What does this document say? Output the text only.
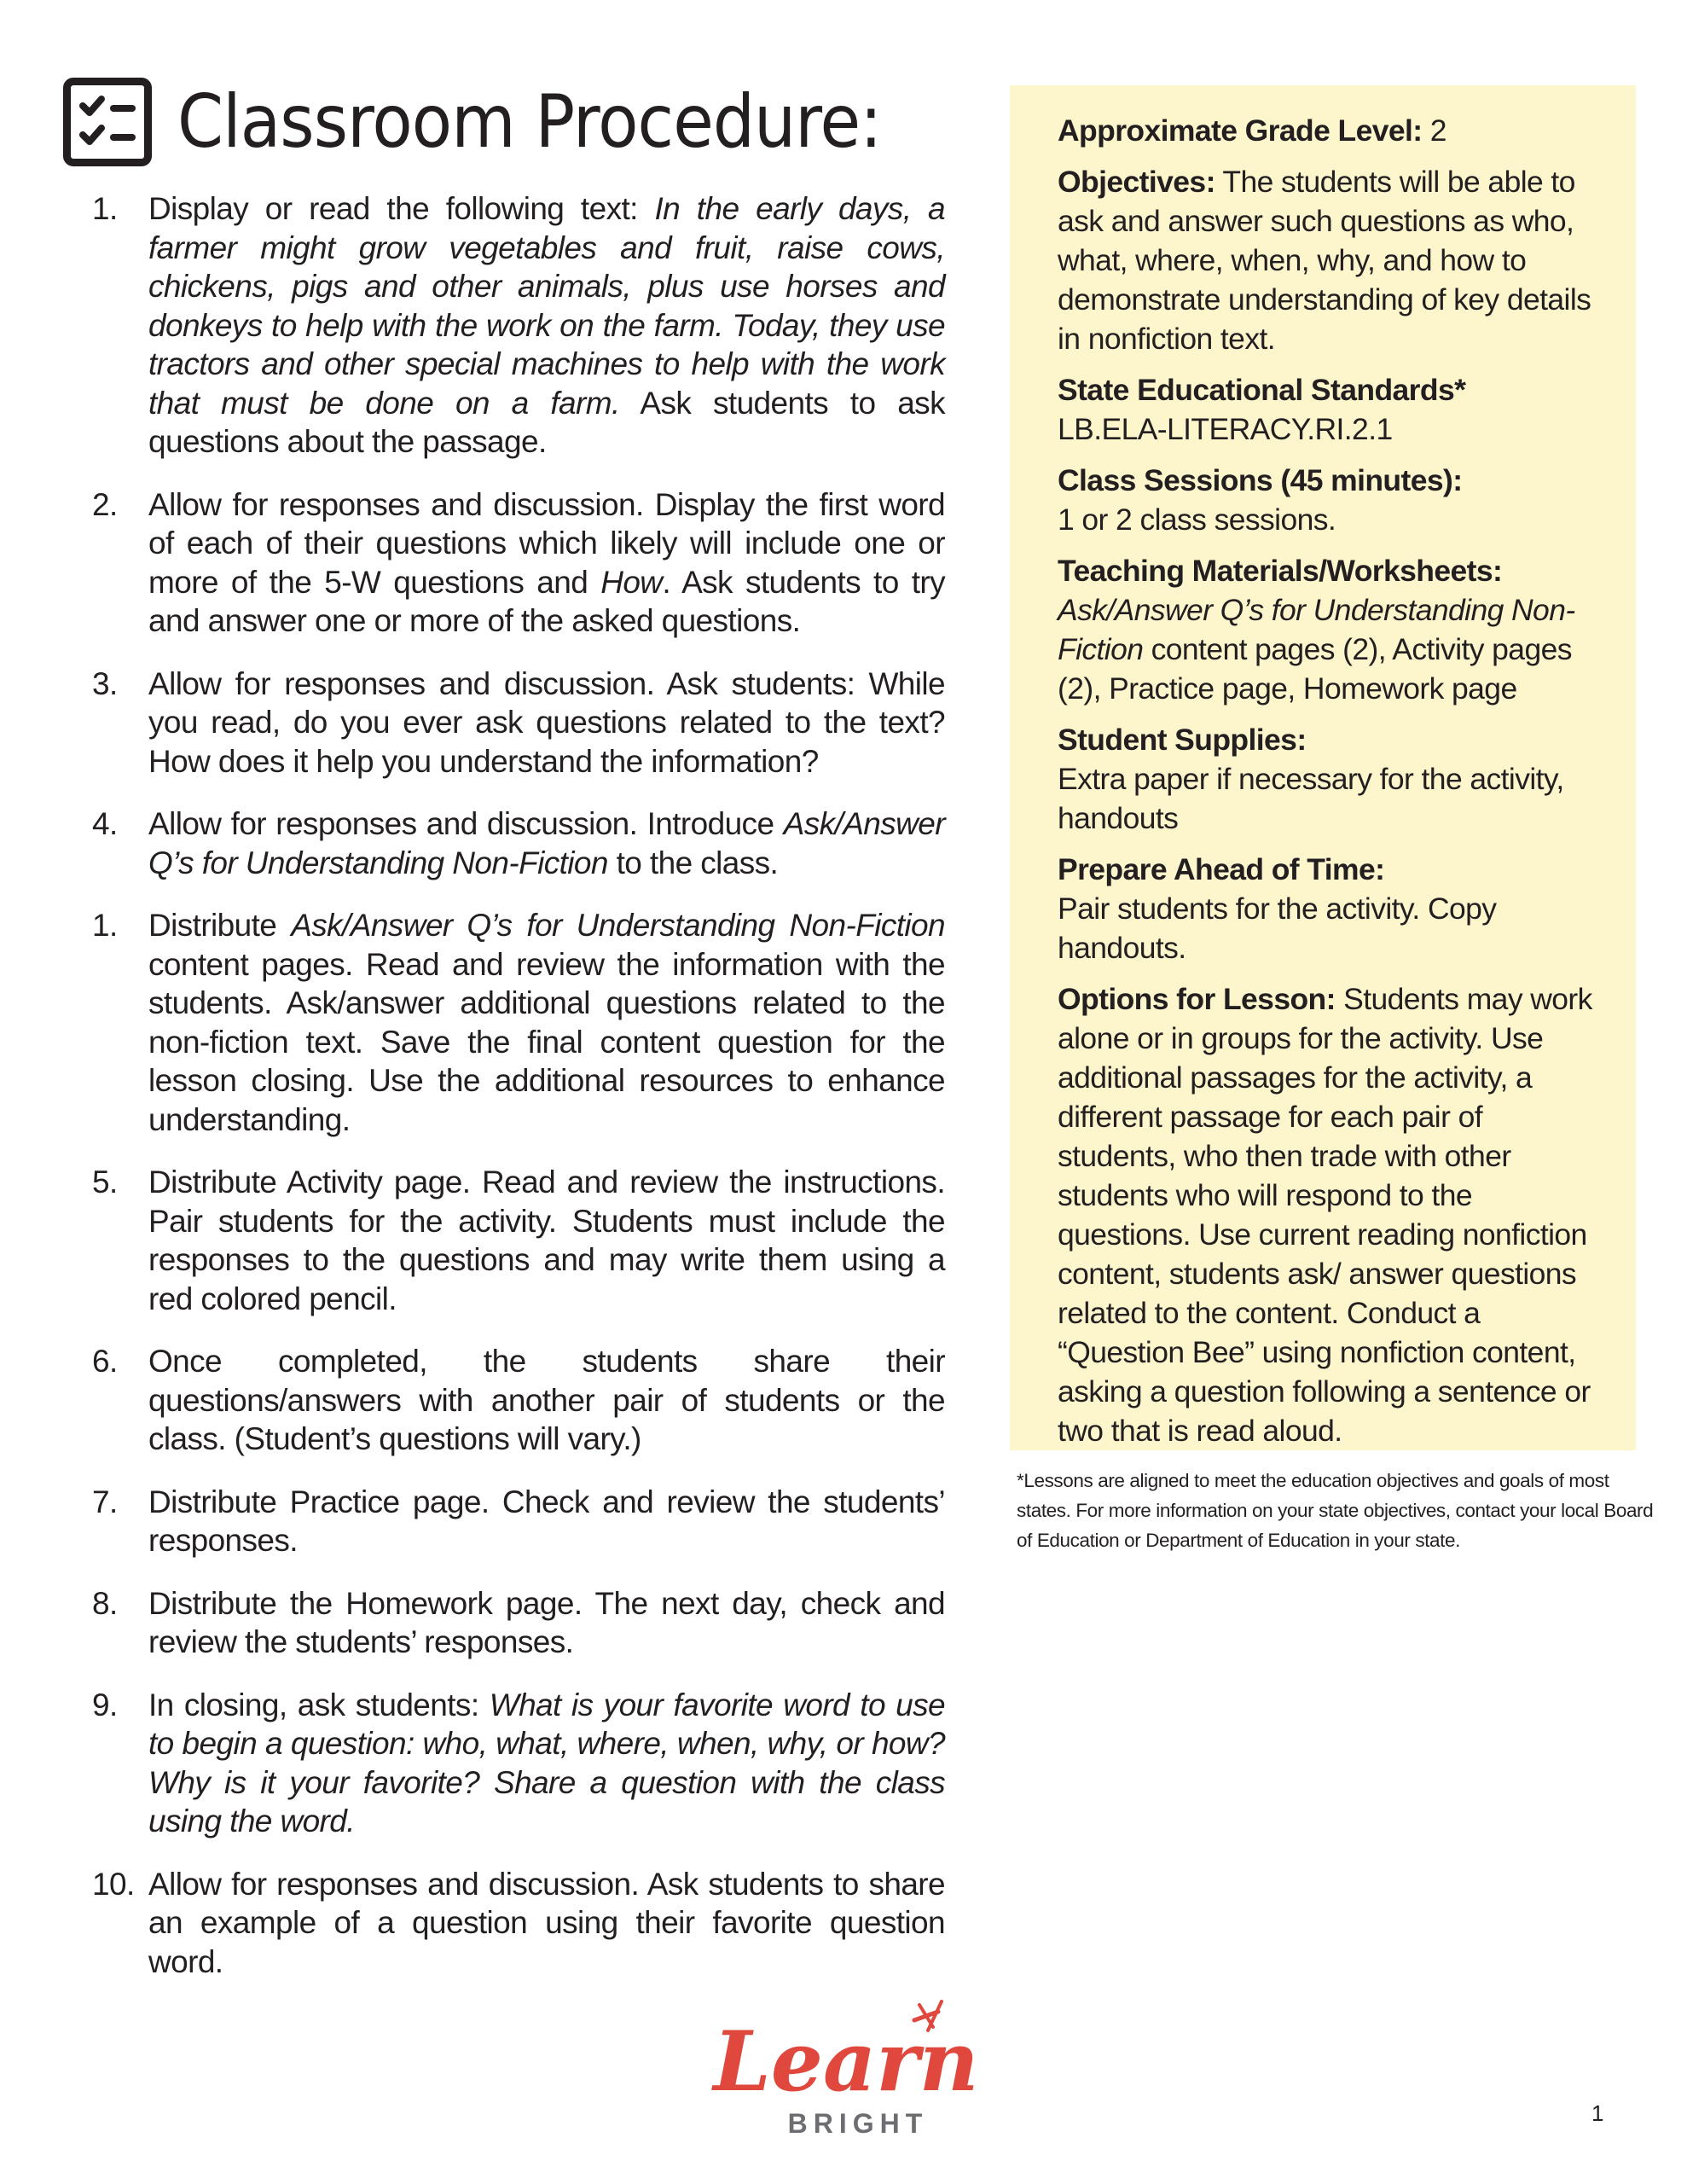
Classroom Procedure:
1. Display or read the following text: In the early days, a farmer might grow vegetables and fruit, raise cows, chickens, pigs and other animals, plus use horses and donkeys to help with the work on the farm. Today, they use tractors and other special machines to help with the work that must be done on a farm. Ask students to ask questions about the passage.
2. Allow for responses and discussion. Display the first word of each of their questions which likely will include one or more of the 5-W questions and How. Ask students to try and answer one or more of the asked questions.
3. Allow for responses and discussion. Ask students: While you read, do you ever ask questions related to the text? How does it help you understand the information?
4. Allow for responses and discussion. Introduce Ask/Answer Q’s for Understanding Non-Fiction to the class.
1. Distribute Ask/Answer Q’s for Understanding Non-Fiction content pages. Read and review the information with the students. Ask/answer additional questions related to the non-fiction text. Save the final content question for the lesson closing. Use the additional resources to enhance understanding.
5. Distribute Activity page. Read and review the instructions. Pair students for the activity. Students must include the responses to the questions and may write them using a red colored pencil.
6. Once completed, the students share their questions/answers with another pair of students or the class. (Student’s questions will vary.)
7. Distribute Practice page. Check and review the students’ responses.
8. Distribute the Homework page. The next day, check and review the students’ responses.
9. In closing, ask students: What is your favorite word to use to begin a question: who, what, where, when, why, or how? Why is it your favorite? Share a question with the class using the word.
10. Allow for responses and discussion. Ask students to share an example of a question using their favorite question word.
Approximate Grade Level: 2
Objectives: The students will be able to ask and answer such questions as who, what, where, when, why, and how to demonstrate understanding of key details in nonfiction text.
State Educational Standards*
LB.ELA-LITERACY.RI.2.1
Class Sessions (45 minutes):
1 or 2 class sessions.
Teaching Materials/Worksheets:
Ask/Answer Q’s for Understanding Non-Fiction content pages (2), Activity pages (2), Practice page, Homework page
Student Supplies:
Extra paper if necessary for the activity, handouts
Prepare Ahead of Time:
Pair students for the activity. Copy handouts.
Options for Lesson: Students may work alone or in groups for the activity. Use additional passages for the activity, a different passage for each pair of students, who then trade with other students who will respond to the questions. Use current reading nonfiction content, students ask/ answer questions related to the content. Conduct a “Question Bee” using nonfiction content, asking a question following a sentence or two that is read aloud.
*Lessons are aligned to meet the education objectives and goals of most states. For more information on your state objectives, contact your local Board of Education or Department of Education in your state.
Learn
BRIGHT	1
